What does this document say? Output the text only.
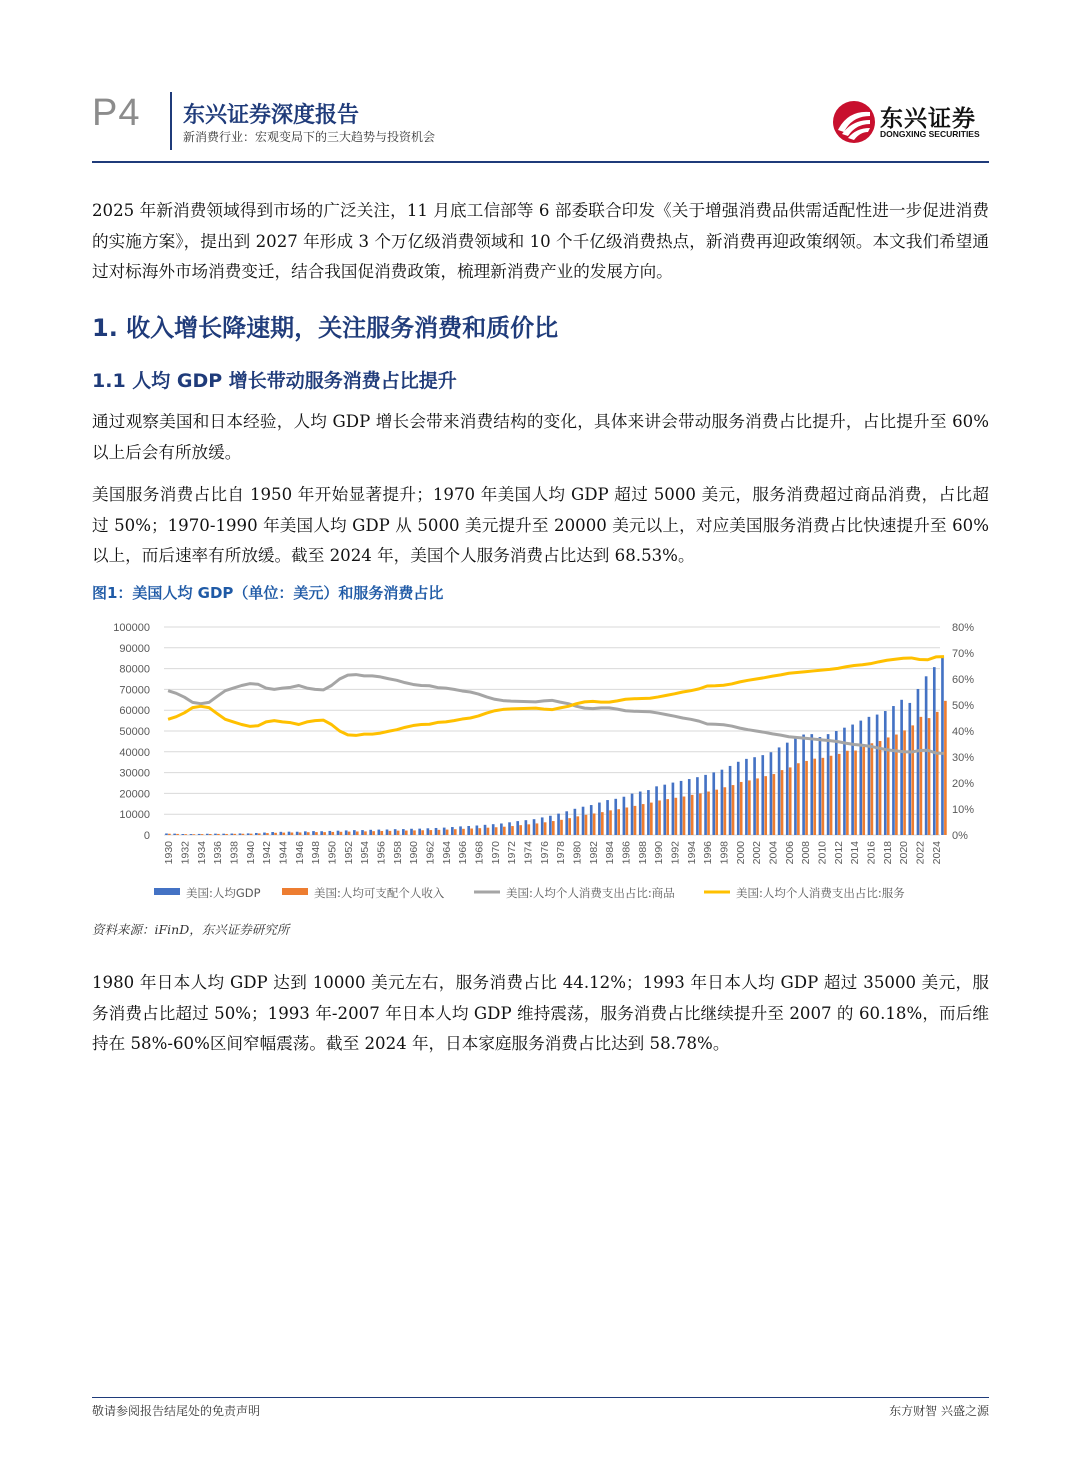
P4 东兴证券深度报告
新消费行业：宏观变局下的三大趋势与投资机会
东兴证券
DONGXING SECURITIES
2025 年新消费领域得到市场的广泛关注，11 月底工信部等 6 部委联合印发《关于增强消费品供需适配性进一步促进消费的实施方案》，提出到 2027 年形成 3 个万亿级消费领域和 10 个千亿级消费热点，新消费再迎政策纲领。本文我们希望通过对标海外市场消费变迁，结合我国促消费政策，梳理新消费产业的发展方向。
1. 收入增长降速期，关注服务消费和质价比
1.1 人均 GDP 增长带动服务消费占比提升
通过观察美国和日本经验，人均 GDP 增长会带来消费结构的变化，具体来讲会带动服务消费占比提升，占比提升至 60%以上后会有所放缓。
美国服务消费占比自 1950 年开始显著提升；1970 年美国人均 GDP 超过 5000 美元，服务消费超过商品消费，占比超过 50%；1970-1990 年美国人均 GDP 从 5000 美元提升至 20000 美元以上，对应美国服务消费占比快速提升至 60%以上，而后速率有所放缓。截至 2024 年，美国个人服务消费占比达到 68.53%。
图1：美国人均 GDP（单位：美元）和服务消费占比
0
10000
20000
30000
40000
50000
60000
70000
80000
90000
100000
0%
10%
20%
30%
40%
50%
60%
70%
80%
1930 1932 1934 1936 1938 1940 1942 1944 1946 1948 1950 1952 1954 1956 1958 1960 1962 1964 1966 1968 1970 1972 1974 1976 1978 1980 1982 1984 1986 1988 1990 1992 1994 1996 1998 2000 2002 2004 2006 2008 2010 2012 2014 2016 2018 2020 2022 2024
美国:人均GDP	美国:人均可支配个人收入	美国:人均个人消费支出占比:商品	美国:人均个人消费支出占比:服务
资料来源：iFinD，东兴证券研究所
1980 年日本人均 GDP 达到 10000 美元左右，服务消费占比 44.12%；1993 年日本人均 GDP 超过 35000 美元，服务消费占比超过 50%；1993 年-2007 年日本人均 GDP 维持震荡，服务消费占比继续提升至 2007 的 60.18%，而后维持在 58%-60%区间窄幅震荡。截至 2024 年，日本家庭服务消费占比达到 58.78%。
敬请参阅报告结尾处的免责声明	东方财智 兴盛之源
